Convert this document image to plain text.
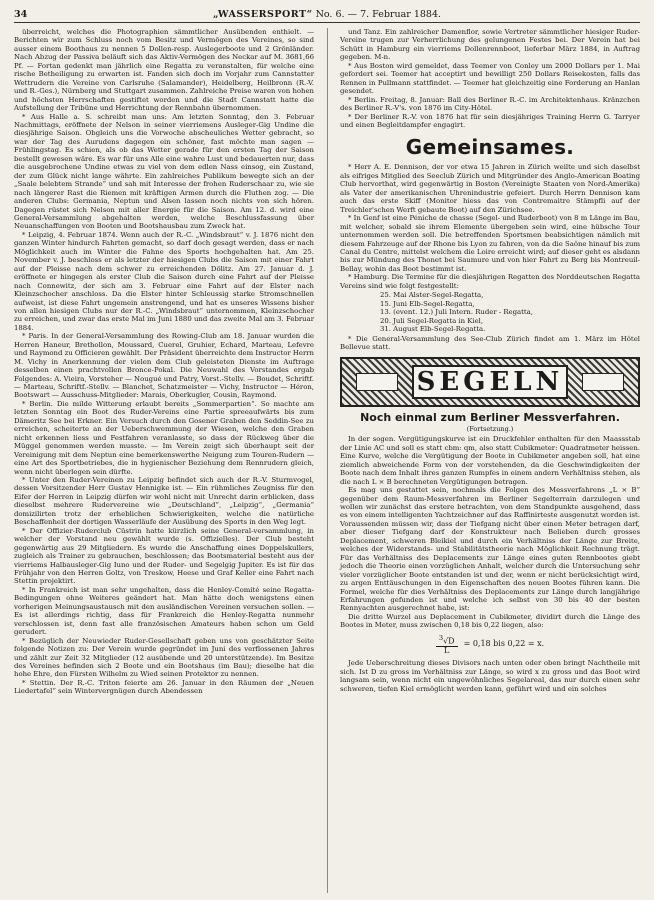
34	„WASSERSPORT“ No. 6. — 7. Februar 1884.

überreicht, welches die Photographien sämmtlicher Ausübenden enthielt. — Berichten wir zum Schluss noch vom Besitz und Vermögen des Vereines, so sind ausser einem Boothaus zu nennen 5 Dollen-resp. Auslegerboote und 2 Grönländer. Nach Abzug der Passiva beläuft sich das Aktiv-Vermögen des Neckar auf M. 3681,66 Pf. — Fortan gedenkt man jährlich eine Regatta zu veranstalten, für welche eine rische Betheiligung zu erwarten ist. Fanden sich doch im Vorjahr zum Cannstatter Wettrudern die Vereine von Carlsruhe (Salamander), Heidelberg, Heilbronn (R.-V. und R.-Ges.), Nürnberg und Stuttgart zusammen. Zahlreiche Preise waren von hohen und höchsten Herrschaften gestiftet worden und die Stadt Cannstatt hatte die Aufstellung der Tribüne und Herrichtung der Rennbahn übernommen.

* Aus Halle a. S. schreibt man uns: Am letzten Sonntag, den 3. Februar Nachmittags, eröffnete der Nelson in seiner vierriemens Ausleger-Gig Undine die diesjährige Saison. Obgleich uns die Vorwoche abscheuliches Wetter gebracht, so war der Tag des Aurudens dagegen ein schöner, fast möchte man sagen — Frühlingstag. Es schien, als ob das Wetter gerade für den ersten Tag der Saison bestellt gewesen wäre. Es war für uns Alle eine wahre Lust und bedauerten nur, dass die ausgebrochene Undine etwas zu viel von dem edlen Nass einsog, ein Zustand, der zum Glück nicht lange währte. Ein zahlreiches Publikum bewegte sich an der „Saale belebtem Strande“ und sah mit Interesse der frohen Ruderschaar zu, wie sie nach längerer Rast die Riemen mit kräftigen Armen durch die Fluthen zog. — Die anderen Clubs: Germania, Neptun und Alsen lassen noch nichts von sich hören. Dagegen rüstet sich Nelson mit aller Energie für die Saison. Am 12. d. wird eine General-Versammlung abgehalten werden, welche Beschlussfassung über Neuanschaffungen von Booten und Bootshausbau zum Zweck hat.

* Leipzig, 4. Februar 1874. Wenn auch der R.-C. „Windsbraut“ v. J. 1876 nicht den ganzen Winter hindurch Fahrten gemacht, so darf doch gesagt werden, dass er nach Möglichkeit auch im Winter die Fahne des Sports hochgehalten hat. Am 25. November v. J. beschloss er als letzter der hiesigen Clubs die Saison mit einer Fahrt auf der Pleisse nach dem schwer zu erreichenden Dölitz. Am 27. Januar d. J. eröffnete er hingegen als erster Club die Saison durch eine Fahrt auf der Pleisse nach Connewitz, der sich am 3. Februar eine Fahrt auf der Elster nach Kleinzschocher anschloss. Da die Elster hinter Schleussig starke Stromschnellen aufweist, ist diese Fahrt ungemein anstrengend, und hat es unseres Wissens bisher von allen hiesigen Clubs nur der R.-C. „Windsbraut“ unternommen, Kleinzschocher zu erreichen, und zwar das erste Mal im Juni 1880 und das zweite Mal am 3. Februar 1884.

* Paris. In der General-Versammlung des Rowing-Club am 18. Januar wurden die Herren Haneur, Brethollon, Moussard, Cuerel, Gruhier, Echard, Marteau, Lefevre und Raymond zu Officieren gewählt. Der Präsident überreichte dem Instructor Herrn M. Vichy in Anerkennung der vielen dem Club geleisteten Dienste im Auftrage desselben einen prachtvollen Bronce-Pokal. Die Neuwahl des Vorstandes ergab Folgendes: A. Vieira, Vorsteher — Nougué und Patry, Vorst.-Stellv. — Boudet, Schriftf. — Marteau, Schriftf.-Stellv. — Blanchet, Schatzmeister — Vichy, Instructor — Héron, Bootswart — Ausschuss-Mitglieder: Marais, Oberkugler, Cousin, Raymond.

* Berlin. Die milde Witterung erlaubt bereits „Sommerpartien“. So machte am letzten Sonntag ein Boot des Ruder-Vereins eine Partie spreeaufwärts bis zum Dämeritz See bei Erkner. Ein Versuch durch den Gosener Graben den Seddin-See zu erreichen, scheiterte an der Ueberschwemmung der Wiesen, welche den Graben nicht erkennen liess und Festfahren veranlasste, so dass der Rückweg über die Müggel genommen werden musste. — Im Verein zeigt sich überhaupt seit der Vereinigung mit dem Neptun eine bemerkenswerthe Neigung zum Touren-Rudern — eine Art des Sportbetriebes, die in hygienischer Beziehung dem Rennrudern gleich, wenn nicht überlegen sein dürfte.

* Unter den Ruder-Vereinen zu Leipzig befindet sich auch der R.-V. Sturmvogel, dessen Vorsitzender Herr Gustav Hennigke ist. — Ein rühmliches Zeugniss für den Eifer der Herren in Leipzig dürfen wir wohl nicht mit Unrecht darin erblicken, dass dieselbst mehrere Rudervereine wie „Deutschland“, „Leipzig“, „Germania“ domizilirten trotz der erheblichen Schwierigkeiten, welche die natürliche Beschaffenheit der dortigen Wasserläufe der Ausübung des Sports in den Weg legt.

* Der Offizier-Ruderclub Cüstrin hatte kürzlich seine General-versammlung, in welcher der Vorstand neu gewählt wurde (s. Offizielles). Der Club besteht gegenwärtig aus 29 Mitgliedern. Es wurde die Anschaffung eines Doppelskullers, zugleich als Trainer zu gebrauchen, beschlossen; das Bootsmaterial besteht aus der vierriems Halbausleger-Gig Iuno und der Ruder- und Segelgig Jupiter. Es ist für das Frühjahr von den Herren Goltz, von Treskow, Heese und Graf Keller eine Fahrt nach Stettin projektirt.

* In Frankreich ist man sehr ungehalten, dass die Henley-Comité seine Regatta-Bedingungen ohne Weiteres geändert hat. Man hätte doch wenigstens einen vorherigen Meinungsaustausch mit den ausländischen Vereinen versuchen sollen. — Es ist allerdings richtig, dass für Frankreich die Henley-Regatta nunmehr verschlossen ist, denn fast alle französischen Amateurs haben schon um Geld gerudert.

* Bezüglich der Neuwieder Ruder-Gesellschaft geben uns von geschätzter Seite folgende Notizen zu: Der Verein wurde gegründet im Juni des verflossenen Jahres und zählt zur Zeit 32 Mitglieder (12 ausübende und 20 unterstützende). Im Besitze des Vereines befinden sich 2 Boote und ein Bootshaus (im Bau); dieselbe hat die hohe Ehre, den Fürsten Wilhelm zu Wied seinen Protektor zu nennen.

* Stettin. Der R.-C. Triton feierte am 26. Januar in den Räumen der „Neuen Liedertafel“ sein Wintervergnügen durch Abendessen

und Tanz. Ein zahlreicher Damenflor, sowie Vertreter sämmtlicher hiesiger Ruder-Vereine trugen zur Verherrlichung des gelungenen Festes bei. Der Verein hat bei Schütt in Hamburg ein vierriems Dollenrennboot, lieferbar März 1884, in Auftrag gegeben. M-n.

* Aus Boston wird gemeldet, dass Teemer von Conley um 2000 Dollars per 1. Mai gefordert sei. Teemer hat acceptirt und bewilligt 250 Dollars Reisekosten, falls das Rennen in Pullmann stattfindet. — Teemer hat gleichzeitig eine Forderung an Hanlan gesendet.

* Berlin. Freitag, 8. Januar: Ball des Berliner R.-C. im Architektenhaus. Kränzchen des Berliner R.-V's. von 1876 im City-Hôtel.

* Der Berliner R.-V. von 1876 hat für sein diesjähriges Training Herrn G. Tarryer und einen Begleitdampfer engagirt.

Gemeinsames.

* Herr A. E. Dennison, der vor etwa 15 Jahren in Zürich weilte und sich daselbst als eifriges Mitglied des Seeclub Zürich und Mitgründer des Anglo-American Boating Club hervorthat, wird gegenwärtig in Boston (Vereinigte Staaten von Nord-Amerika) als Vater der amerikanischen Uhrenindustrie gefeiert. Durch Herrn Dennison kam auch das erste Skiff (Monitor hiess das von Contremaitre Stämpfli auf der Treichler'schen Werft gebaute Boot) auf den Zürichsee.

* In Genf ist eine Péniche de chasse (Segel- und Ruderboot) von 8 m Länge im Bau, mit welcher, sobald sie ihrem Elemente übergeben sein wird, eine hübsche Tour unternommen werden soll. Die betreffenden Sportsmen beabsichtigen nämlich mit diesem Fahrzeuge auf der Rhone bis Lyon zu fahren, von da die Saône hinauf bis zum Canal du Centre, mittelst welchem die Loire erreicht wird; auf dieser geht es alsdann bis zur Mündung des Thonet bei Saumure und von hier Fahrt zu Berg bis Montreuil-Bellay, wohin das Boot bestimmt ist.

* Hamburg. Die Termine für die diesjährigen Regatten des Norddeutschen Regatta Vereins sind wie folgt festgestellt:

25. Mai Alster-Segel-Regatta,
15. Juni Elb-Segel-Regatta,
13. (event. 12.) Juli Intern. Ruder - Regatta,
20. Juli Segel-Regatta in Kiel,
31. August Elb-Segel-Regatta.

* Die General-Versammlung des See-Club Zürich findet am 1. März im Hôtel Bellevue statt.

SEGELN
Noch einmal zum Berliner Messverfahren.
(Fortsetzung.)

In der sogen. Vergütigungskurve ist ein Druckfehler enthalten für den Maassstab der Linie AC und soll es statt cbm: qm, also statt Cubikmeter: Quadratmeter heissen. Eine Kurve, welche die Vergütigung der Boote in Cubikmeter angeben soll, hat eine ziemlich abweichende Form von der vorstehenden, da die Geschwindigkeiten der Boote nach dem Inhalt ihres ganzen Rumpfes in einem andern Verhältniss stehen, als die nach L × B berechneten Vergütigungen betragen.

Es mag uns gestattet sein, nochmals die Folgen des Messverfahrens „L × B“ gegenüber dem Raum-Messverfahren im Berliner Segelterrain darzulegen und wollen wir zunächst das erstere betrachten, von dem Standpunkte ausgehend, dass es von einem intelligenten Yachtzeichner auf das Raffinirteste ausgenutzt worden ist. Voraussenden müssen wir, dass der Tiefgang nicht über einen Meter betragen darf, aber dieser Tiefgang darf der Konstrukteur nach Belieben durch grosses Deplacement, schweren Bleikiel und durch ein Verhältniss der Länge zur Breite, welches der Widerstands- und Stabilitätstheorie nach Möglichkeit Rechnung trägt. Für das Verhältniss des Deplacements zur Länge eines guten Rennbootes giebt jedoch die Theorie einen vorzüglichen Anhalt, welcher durch die Untersuchung sehr vieler vorzüglicher Boote entstanden ist und der, wenn er nicht berücksichtigt wird, zu argen Enttäuschungen in den Eigenschaften des neuen Bootes führen kann. Die Formel, welche für dies Verhältniss des Deplacements zur Länge durch langjährige Erfahrungen gefunden ist und welche ich selbst von 30 bis 40 der besten Rennyachten ausgerechnet habe, ist:

Die dritte Wurzel aus Deplacement in Cubikmeter, dividirt durch die Länge des Bootes in Meter, muss zwischen 0,18 bis 0,22 liegen, also:

$\frac{^3√D}{L} = 0,18$ bis 0,22 = x.

Jede Ueberschreitung dieses Divisors nach unten oder oben bringt Nachtheile mit sich. Ist D zu gross im Verhältniss zur Länge, so wird x zu gross und das Boot wird langsam sein, wenn nicht ein ungewöhnliches Segelareal, das nur durch einen sehr schweren, tiefen Kiel ermöglicht werden kann, geführt wird und ein solches
